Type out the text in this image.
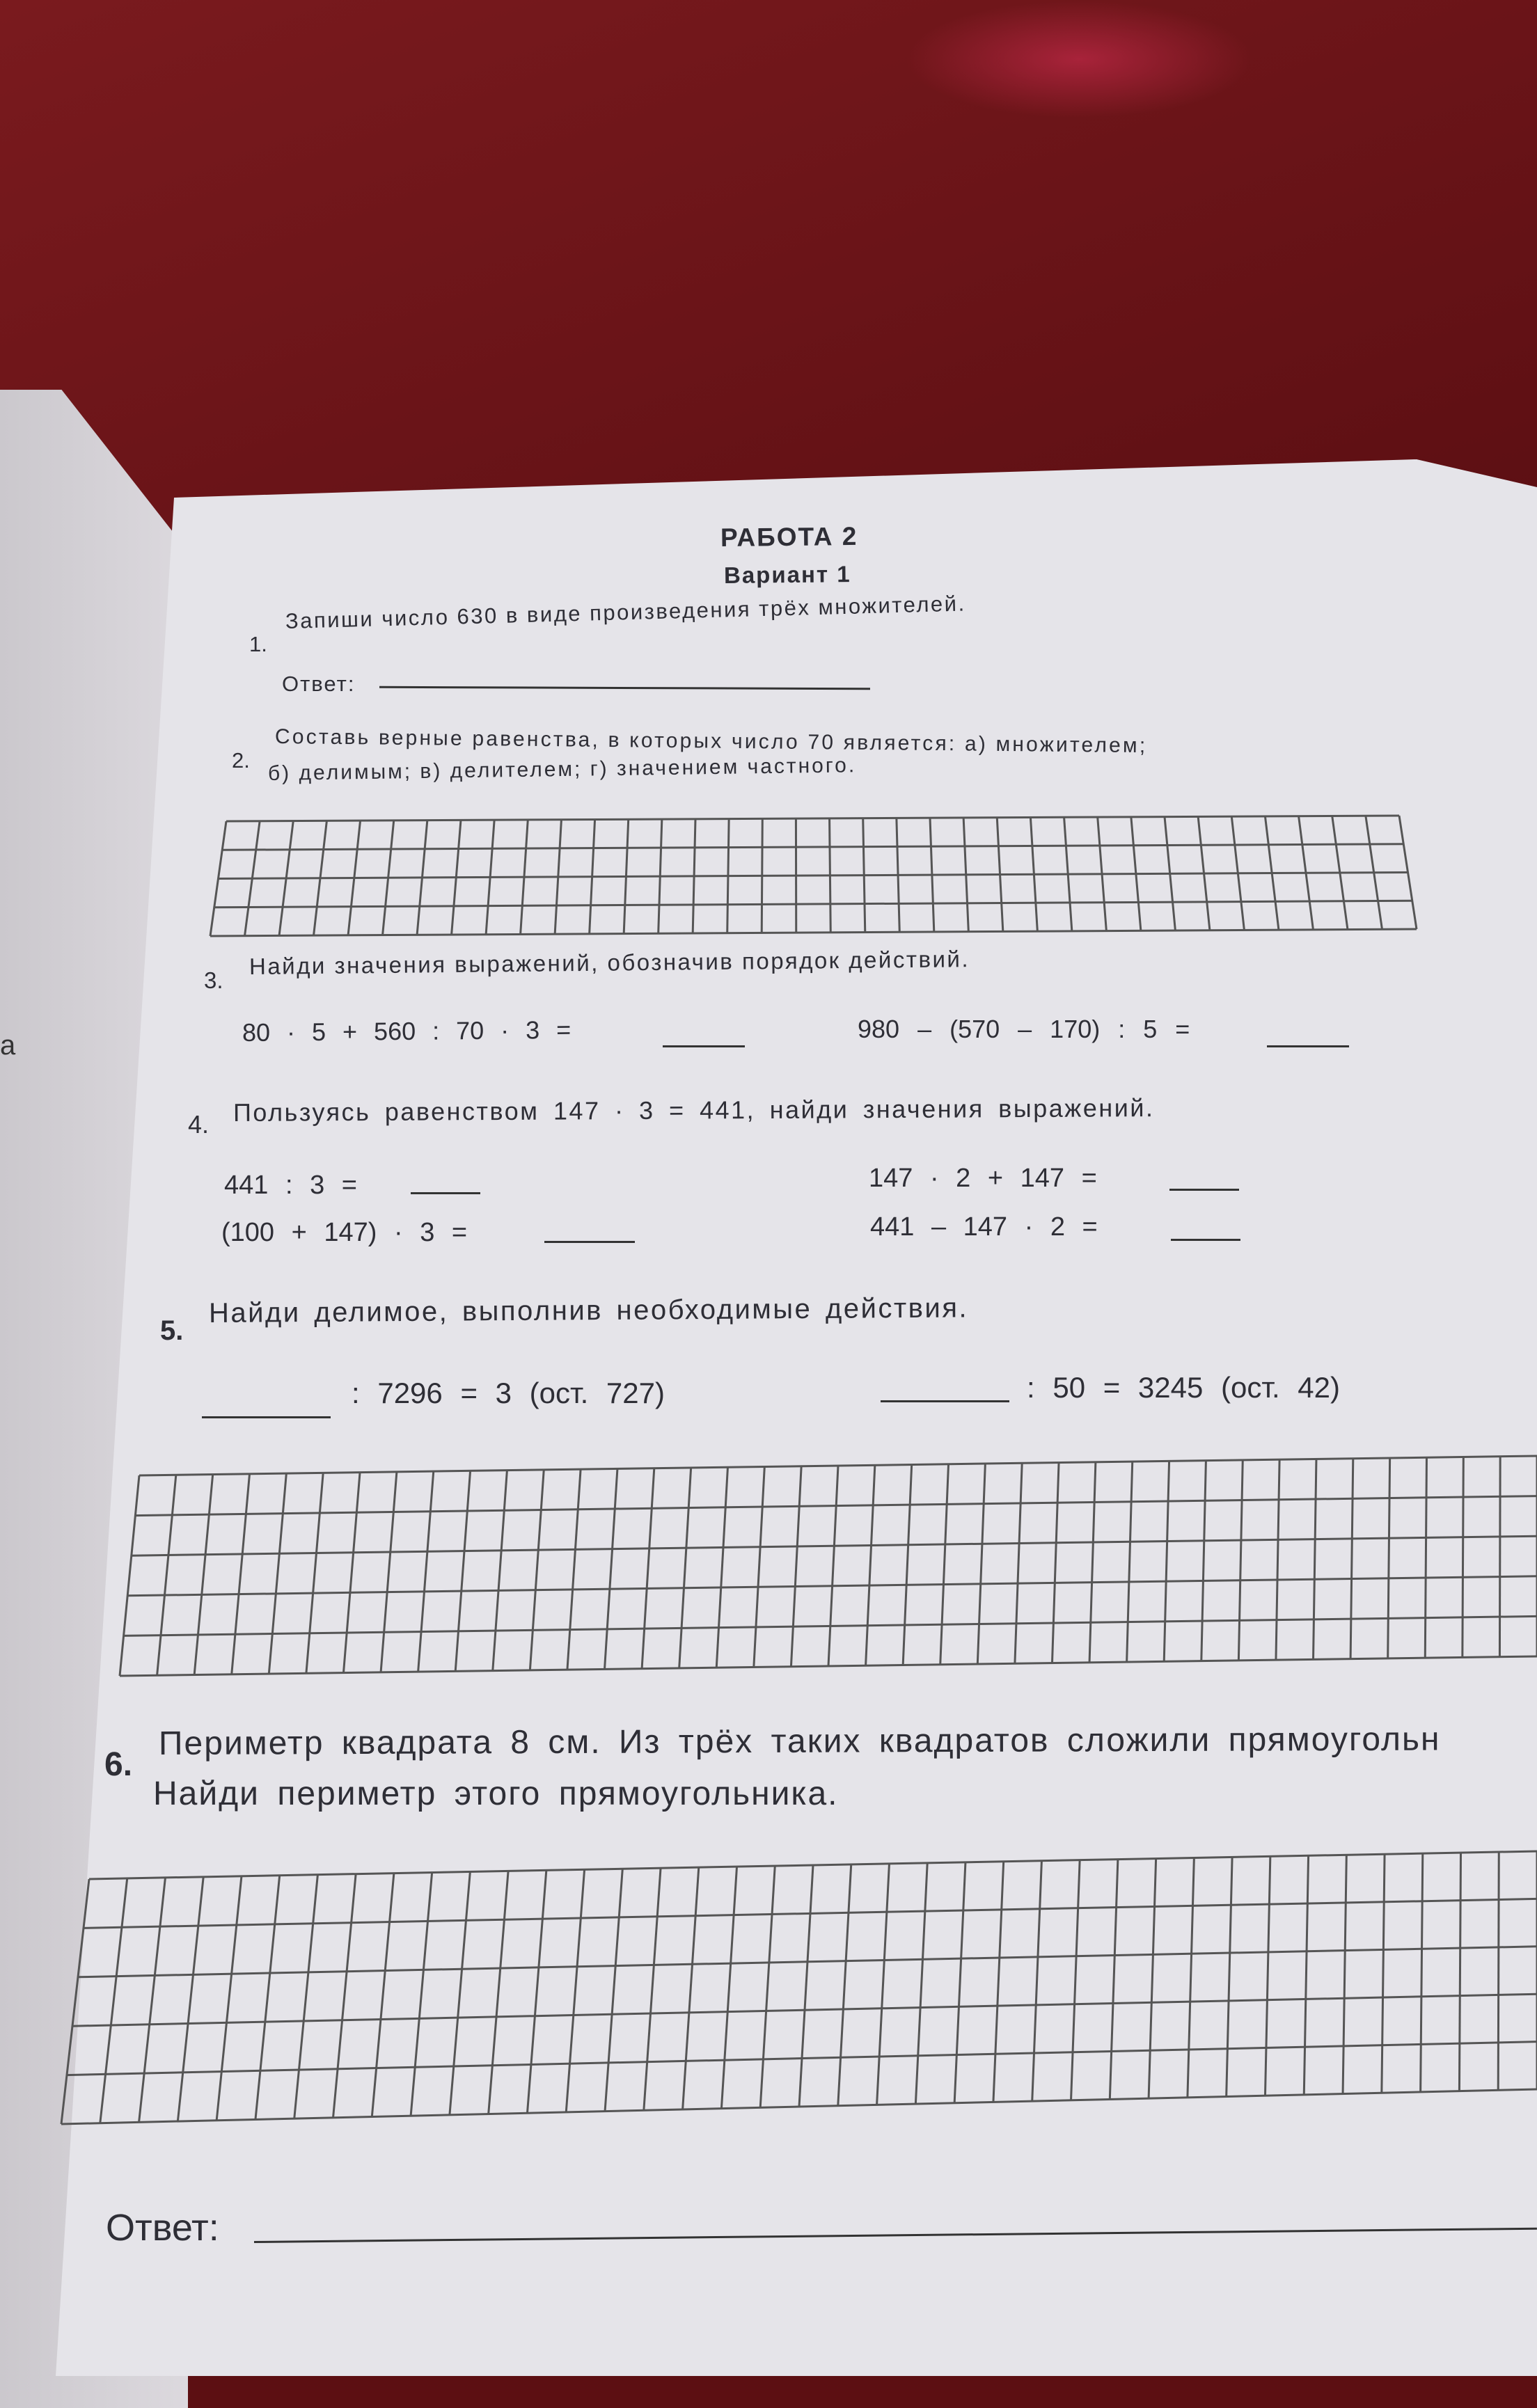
а
РАБОТА 2
Вариант 1
1.
Запиши число 630 в виде произведения трёх множителей.
Ответ:
2.
Составь верные равенства, в которых число 70 является: а) множителем;
б) делимым; в) делителем; г) значением частного.
3.
Найди значения выражений, обозначив порядок действий.
80 · 5 + 560 : 70 · 3 =	980 – (570 – 170) : 5 =
4. Пользуясь равенством 147 · 3 = 441, найди значения выражений.
441 : 3 =
(100 + 147) · 3 =
147 · 2 + 147 =
441 – 147 · 2 =
5.
Найди делимое, выполнив необходимые действия.
: 7296 = 3 (ост. 727)	: 50 = 3245 (ост. 42)
6.
Периметр квадрата 8 см. Из трёх таких квадратов сложили прямоугольн
Найди периметр этого прямоугольника.
Ответ:
